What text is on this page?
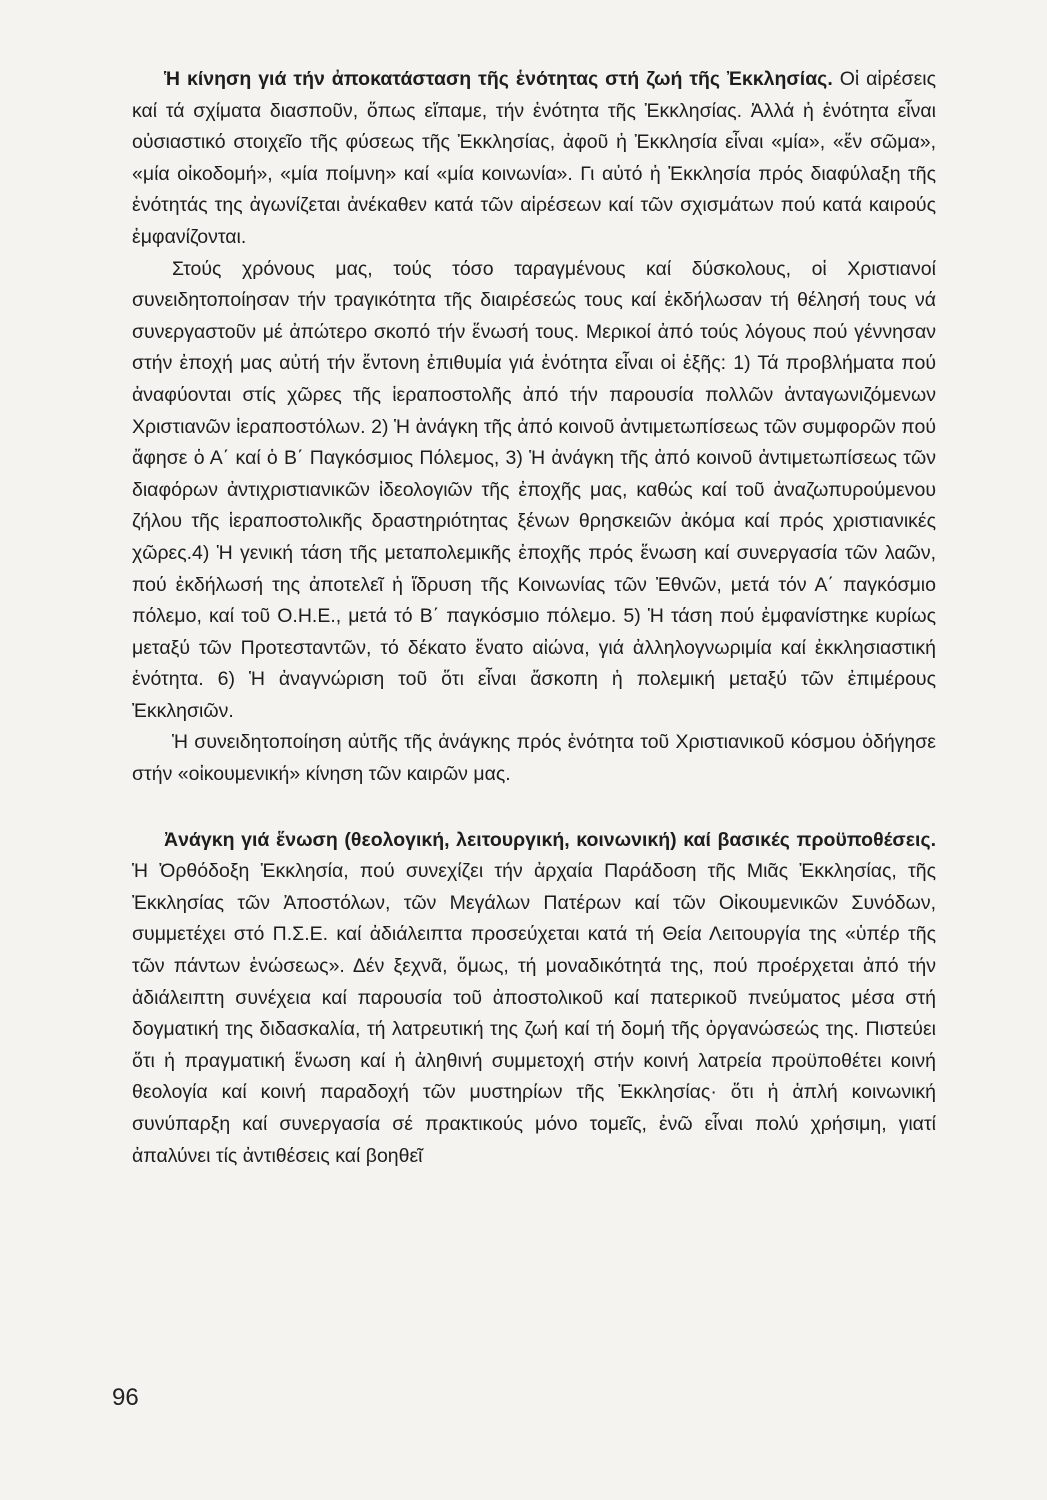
Ἡ κίνηση γιά τήν ἀποκατάσταση τῆς ἑνότητας στή ζωή τῆς Ἐκκλησίας. Οἱ αἱρέσεις καί τά σχίματα διασποῦν, ὅπως εἴπαμε, τήν ἑνότητα τῆς Ἐκκλησίας. Ἀλλά ἡ ἑνότητα εἶναι οὐσιαστικό στοιχεῖο τῆς φύσεως τῆς Ἐκκλησίας, ἀφοῦ ἡ Ἐκκλησία εἶναι «μία», «ἕν σῶμα», «μία οἰκοδομή», «μία ποίμνη» καί «μία κοινωνία». Γι αὐτό ἡ Ἐκκλησία πρός διαφύλαξη τῆς ἑνότητάς της ἀγωνίζεται ἀνέκαθεν κατά τῶν αἱρέσεων καί τῶν σχισμάτων πού κατά καιρούς ἐμφανίζονται.

Στούς χρόνους μας, τούς τόσο ταραγμένους καί δύσκολους, οἱ Χριστιανοί συνειδητοποίησαν τήν τραγικότητα τῆς διαιρέσεώς τους καί ἐκδήλωσαν τή θέλησή τους νά συνεργαστοῦν μέ ἀπώτερο σκοπό τήν ἕνωσή τους. Μερικοί ἀπό τούς λόγους πού γέννησαν στήν ἐποχή μας αὐτή τήν ἔντονη ἐπιθυμία γιά ἑνότητα εἶναι οἱ ἑξῆς: 1) Τά προβλήματα πού ἀναφύονται στίς χῶρες τῆς ἱεραποστολῆς ἀπό τήν παρουσία πολλῶν ἀνταγωνιζόμενων Χριστιανῶν ἱεραποστόλων. 2) Ἡ ἀνάγκη τῆς ἀπό κοινοῦ ἀντιμετωπίσεως τῶν συμφορῶν πού ἄφησε ὁ Α΄ καί ὁ Β΄ Παγκόσμιος Πόλεμος, 3) Ἡ ἀνάγκη τῆς ἀπό κοινοῦ ἀντιμετωπίσεως τῶν διαφόρων ἀντιχριστιανικῶν ἰδεολογιῶν τῆς ἐποχῆς μας, καθώς καί τοῦ ἀναζωπυρούμενου ζήλου τῆς ἱεραποστολικῆς δραστηριότητας ξένων θρησκειῶν ἀκόμα καί πρός χριστιανικές χῶρες.4) Ἡ γενική τάση τῆς μεταπολεμικῆς ἐποχῆς πρός ἕνωση καί συνεργασία τῶν λαῶν, πού ἐκδήλωσή της ἀποτελεῖ ἡ ἵδρυση τῆς Κοινωνίας τῶν Ἐθνῶν, μετά τόν Α΄ παγκόσμιο πόλεμο, καί τοῦ Ο.Η.Ε., μετά τό Β΄ παγκόσμιο πόλεμο. 5) Ἡ τάση πού ἐμφανίστηκε κυρίως μεταξύ τῶν Προτεσταντῶν, τό δέκατο ἔνατο αἰώνα, γιά ἀλληλογνωριμία καί ἐκκλησιαστική ἑνότητα. 6) Ἡ ἀναγνώριση τοῦ ὅτι εἶναι ἄσκοπη ἡ πολεμική μεταξύ τῶν ἐπιμέρους Ἐκκλησιῶν.

Ἡ συνειδητοποίηση αὐτῆς τῆς ἀνάγκης πρός ἑνότητα τοῦ Χριστιανικοῦ κόσμου ὁδήγησε στήν «οἰκουμενική» κίνηση τῶν καιρῶν μας.

Ἀνάγκη γιά ἕνωση (θεολογική, λειτουργική, κοινωνική) καί βασικές προϋποθέσεις. Ἡ Ὀρθόδοξη Ἐκκλησία, πού συνεχίζει τήν ἀρχαία Παράδοση τῆς Μιᾶς Ἐκκλησίας, τῆς Ἐκκλησίας τῶν Ἀποστόλων, τῶν Μεγάλων Πατέρων καί τῶν Οἰκουμενικῶν Συνόδων, συμμετέχει στό Π.Σ.Ε. καί ἀδιάλειπτα προσεύχεται κατά τή Θεία Λειτουργία της «ὑπέρ τῆς τῶν πάντων ἑνώσεως». Δέν ξεχνᾶ, ὅμως, τή μοναδικότητά της, πού προέρχεται ἀπό τήν ἀδιάλειπτη συνέχεια καί παρουσία τοῦ ἀποστολικοῦ καί πατερικοῦ πνεύματος μέσα στή δογματική της διδασκαλία, τή λατρευτική της ζωή καί τή δομή τῆς ὀργανώσεώς της. Πιστεύει ὅτι ἡ πραγματική ἕνωση καί ἡ ἀληθινή συμμετοχή στήν κοινή λατρεία προϋποθέτει κοινή θεολογία καί κοινή παραδοχή τῶν μυστηρίων τῆς Ἐκκλησίας· ὅτι ἡ ἁπλή κοινωνική συνύπαρξη καί συνεργασία σέ πρακτικούς μόνο τομεῖς, ἐνῶ εἶναι πολύ χρήσιμη, γιατί ἀπαλύνει τίς ἀντιθέσεις καί βοηθεῖ

96
